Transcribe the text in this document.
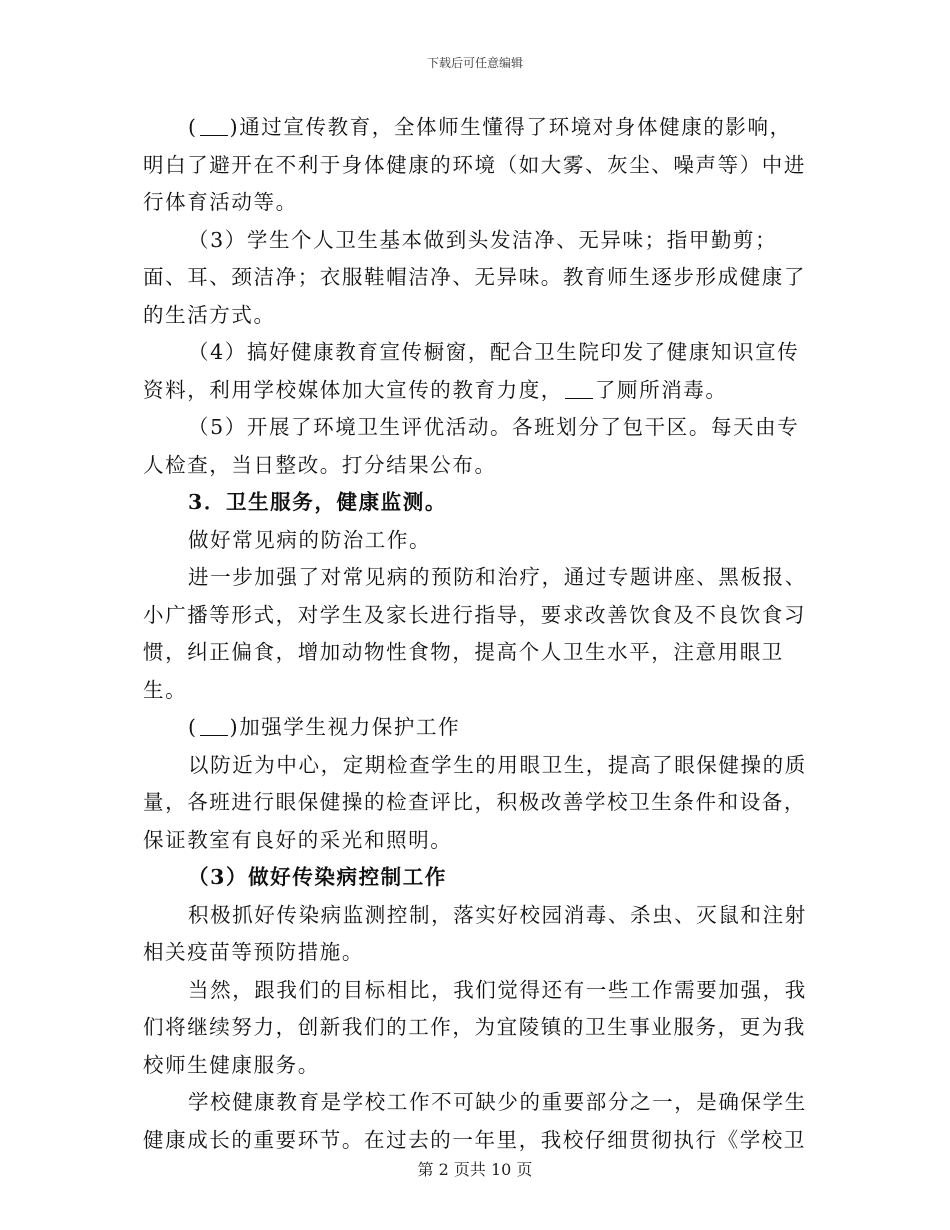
下载后可任意编辑

( )通过宣传教育，全体师生懂得了环境对身体健康的影响，明白了避开在不利于身体健康的环境（如大雾、灰尘、噪声等）中进行体育活动等。

（3）学生个人卫生基本做到头发洁净、无异味；指甲勤剪；面、耳、颈洁净；衣服鞋帽洁净、无异味。教育师生逐步形成健康了的生活方式。

（4）搞好健康教育宣传橱窗，配合卫生院印发了健康知识宣传资料，利用学校媒体加大宣传的教育力度， 了厕所消毒。

（5）开展了环境卫生评优活动。各班划分了包干区。每天由专人检查，当日整改。打分结果公布。

3．卫生服务，健康监测。

做好常见病的防治工作。

进一步加强了对常见病的预防和治疗，通过专题讲座、黑板报、小广播等形式，对学生及家长进行指导，要求改善饮食及不良饮食习惯，纠正偏食，增加动物性食物，提高个人卫生水平，注意用眼卫生。

( )加强学生视力保护工作

以防近为中心，定期检查学生的用眼卫生，提高了眼保健操的质量，各班进行眼保健操的检查评比，积极改善学校卫生条件和设备，保证教室有良好的采光和照明。

（3）做好传染病控制工作

积极抓好传染病监测控制，落实好校园消毒、杀虫、灭鼠和注射相关疫苗等预防措施。

当然，跟我们的目标相比，我们觉得还有一些工作需要加强，我们将继续努力，创新我们的工作，为宜陵镇的卫生事业服务，更为我校师生健康服务。

学校健康教育是学校工作不可缺少的重要部分之一，是确保学生健康成长的重要环节。在过去的一年里，我校仔细贯彻执行《学校卫

第 2 页共 10 页
